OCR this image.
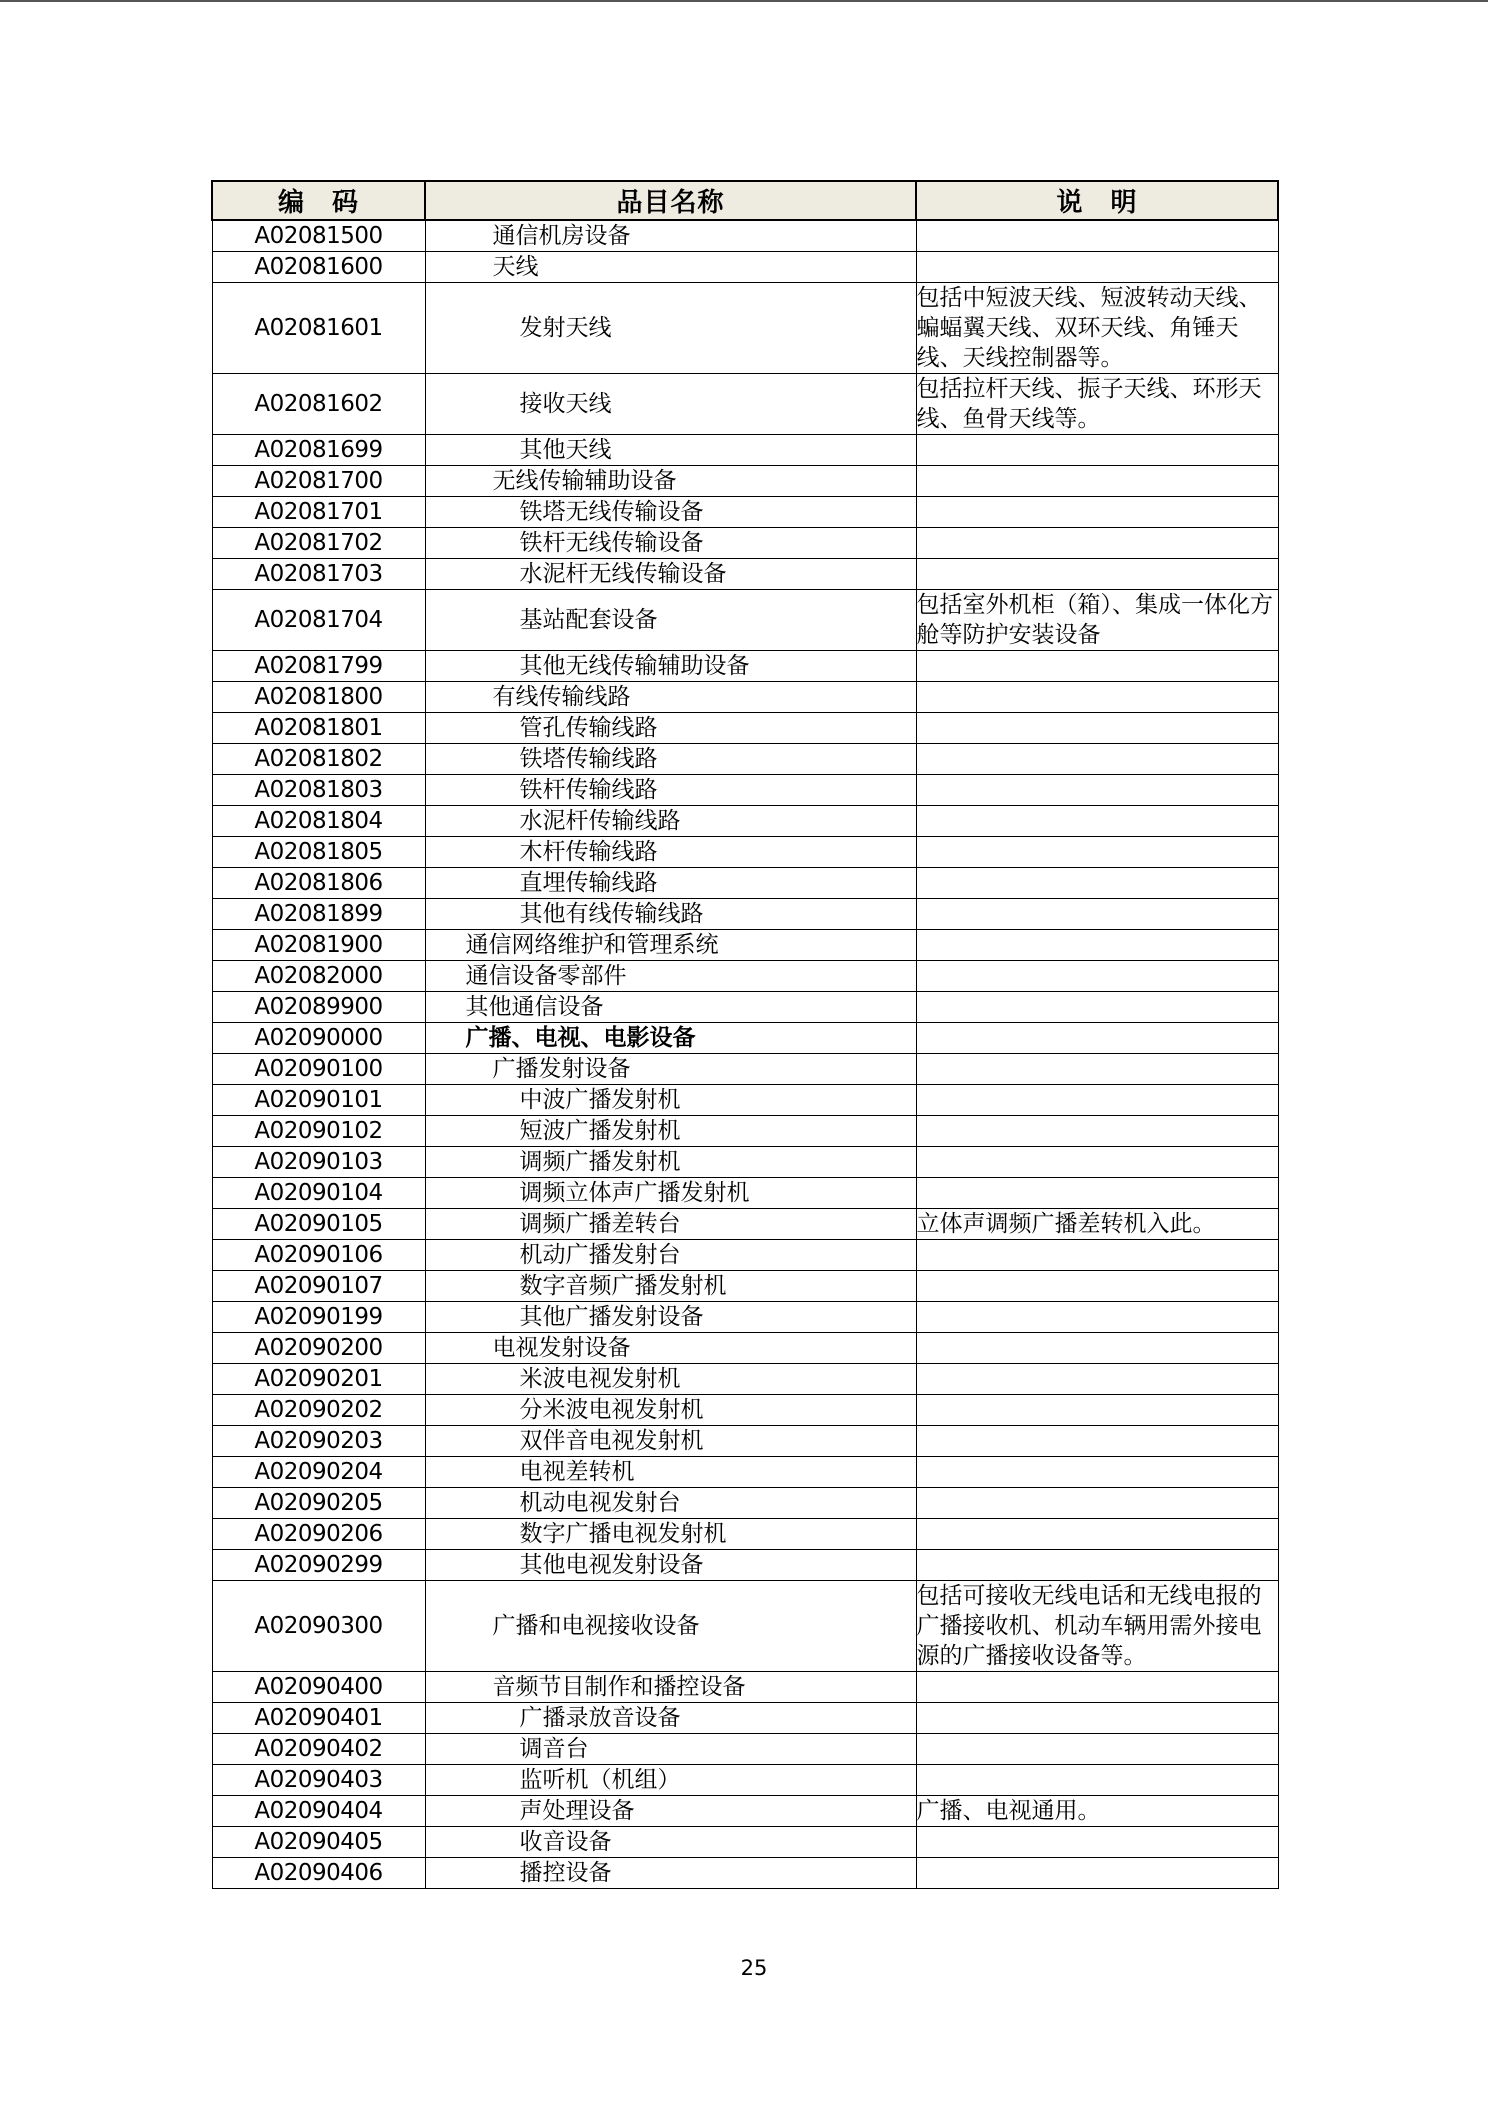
编　码	品目名称	说　明
A02081500	通信机房设备	
A02081600	天线	
A02081601	发射天线	包括中短波天线、短波转动天线、蝙蝠翼天线、双环天线、角锤天线、天线控制器等。
A02081602	接收天线	包括拉杆天线、振子天线、环形天线、鱼骨天线等。
A02081699	其他天线	
A02081700	无线传输辅助设备	
A02081701	铁塔无线传输设备	
A02081702	铁杆无线传输设备	
A02081703	水泥杆无线传输设备	
A02081704	基站配套设备	包括室外机柜（箱）、集成一体化方舱等防护安装设备
A02081799	其他无线传输辅助设备	
A02081800	有线传输线路	
A02081801	管孔传输线路	
A02081802	铁塔传输线路	
A02081803	铁杆传输线路	
A02081804	水泥杆传输线路	
A02081805	木杆传输线路	
A02081806	直埋传输线路	
A02081899	其他有线传输线路	
A02081900	通信网络维护和管理系统	
A02082000	通信设备零部件	
A02089900	其他通信设备	
A02090000	广播、电视、电影设备	
A02090100	广播发射设备	
A02090101	中波广播发射机	
A02090102	短波广播发射机	
A02090103	调频广播发射机	
A02090104	调频立体声广播发射机	
A02090105	调频广播差转台	立体声调频广播差转机入此。
A02090106	机动广播发射台	
A02090107	数字音频广播发射机	
A02090199	其他广播发射设备	
A02090200	电视发射设备	
A02090201	米波电视发射机	
A02090202	分米波电视发射机	
A02090203	双伴音电视发射机	
A02090204	电视差转机	
A02090205	机动电视发射台	
A02090206	数字广播电视发射机	
A02090299	其他电视发射设备	
A02090300	广播和电视接收设备	包括可接收无线电话和无线电报的广播接收机、机动车辆用需外接电源的广播接收设备等。
A02090400	音频节目制作和播控设备	
A02090401	广播录放音设备	
A02090402	调音台	
A02090403	监听机（机组）	
A02090404	声处理设备	广播、电视通用。
A02090405	收音设备	
A02090406	播控设备	
25
